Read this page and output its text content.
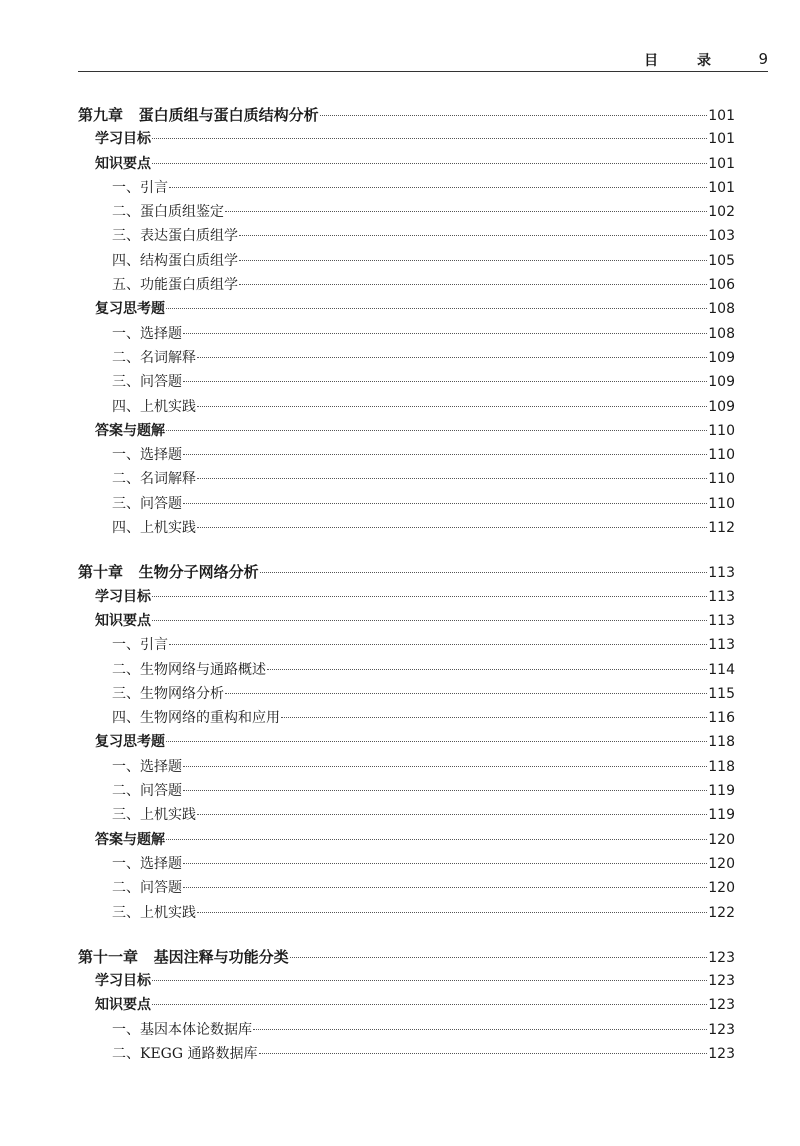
目 录 9
第九章   蛋白质组与蛋白质结构分析	101
学习目标	101
知识要点	101
一、引言	101
二、蛋白质组鉴定	102
三、表达蛋白质组学	103
四、结构蛋白质组学	105
五、功能蛋白质组学	106
复习思考题	108
一、选择题	108
二、名词解释	109
三、问答题	109
四、上机实践	109
答案与题解	110
一、选择题	110
二、名词解释	110
三、问答题	110
四、上机实践	112
第十章   生物分子网络分析	113
学习目标	113
知识要点	113
一、引言	113
二、生物网络与通路概述	114
三、生物网络分析	115
四、生物网络的重构和应用	116
复习思考题	118
一、选择题	118
二、问答题	119
三、上机实践	119
答案与题解	120
一、选择题	120
二、问答题	120
三、上机实践	122
第十一章   基因注释与功能分类	123
学习目标	123
知识要点	123
一、基因本体论数据库	123
二、KEGG 通路数据库	123
